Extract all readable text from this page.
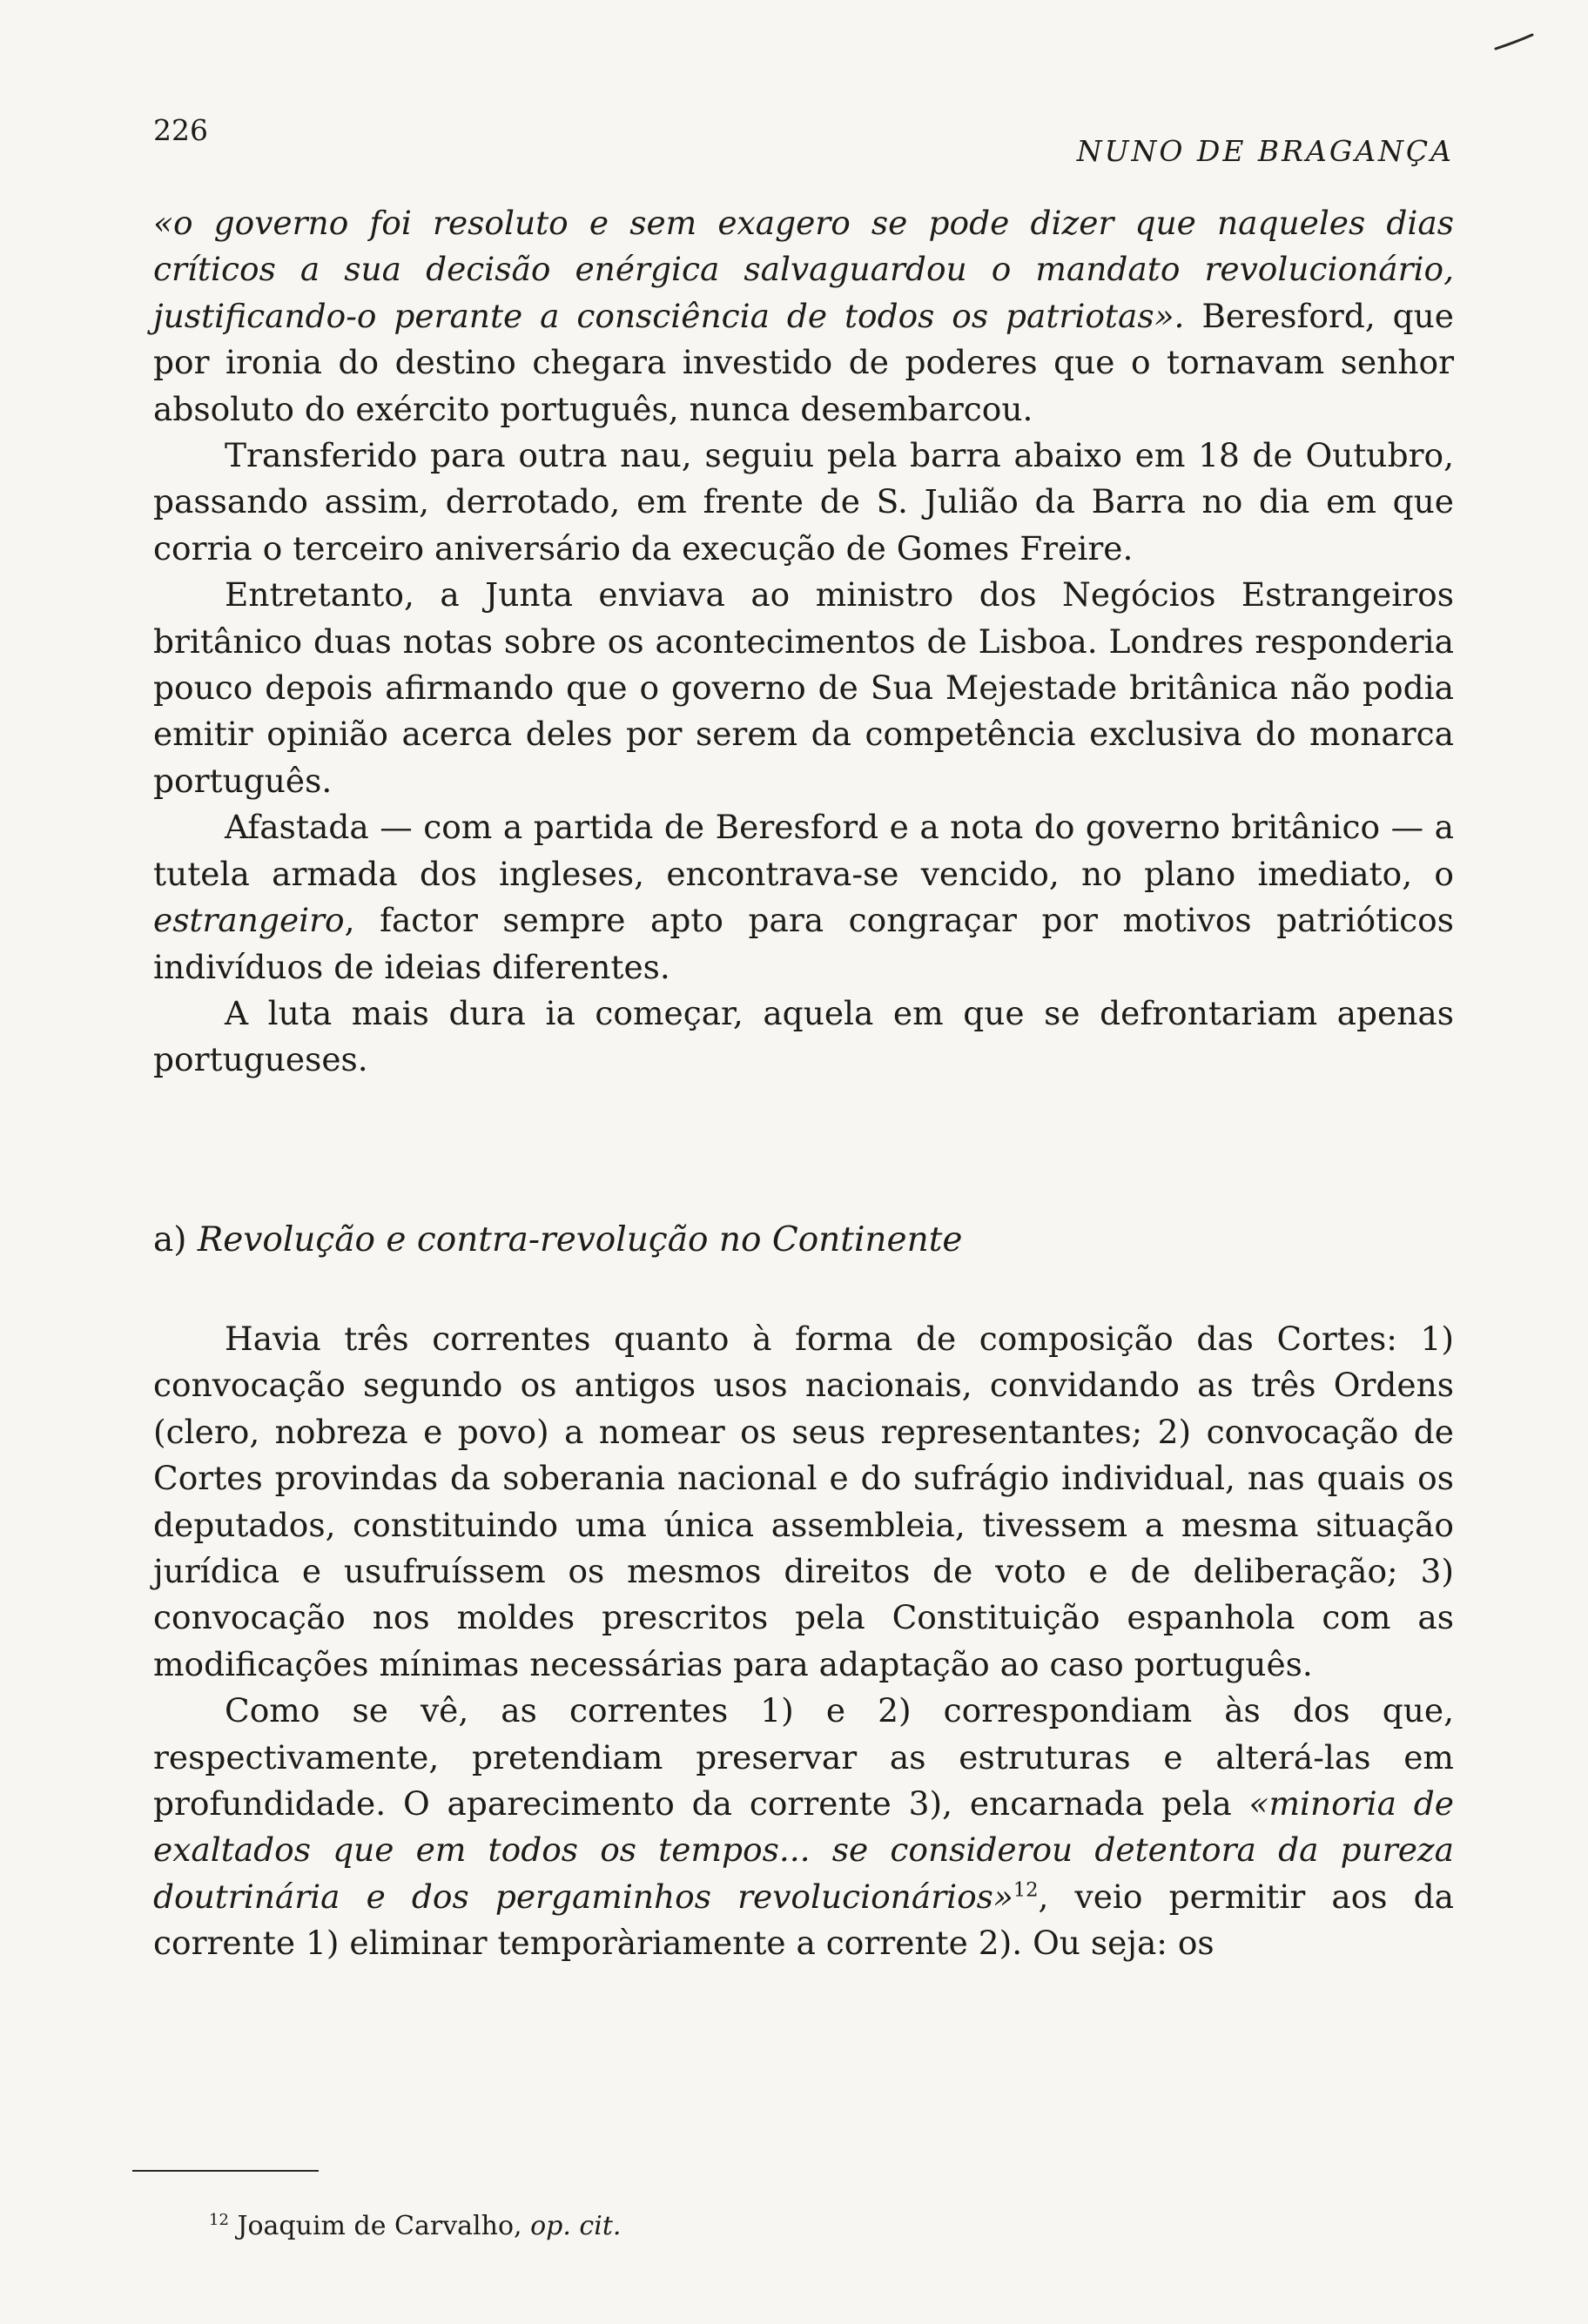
226
NUNO DE BRAGANÇA

«o governo foi resoluto e sem exagero se pode dizer que naqueles dias críticos a sua decisão enérgica salvaguardou o mandato revolucionário, justificando-o perante a consciência de todos os patriotas». Beresford, que por ironia do destino chegara investido de poderes que o tornavam senhor absoluto do exército português, nunca desembarcou.

Transferido para outra nau, seguiu pela barra abaixo em 18 de Outubro, passando assim, derrotado, em frente de S. Julião da Barra no dia em que corria o terceiro aniversário da execução de Gomes Freire.

Entretanto, a Junta enviava ao ministro dos Negócios Estrangeiros britânico duas notas sobre os acontecimentos de Lisboa. Londres responderia pouco depois afirmando que o governo de Sua Mejestade britânica não podia emitir opinião acerca deles por serem da competência exclusiva do monarca português.

Afastada — com a partida de Beresford e a nota do governo britânico — a tutela armada dos ingleses, encontrava-se vencido, no plano imediato, o estrangeiro, factor sempre apto para congraçar por motivos patrióticos indivíduos de ideias diferentes.

A luta mais dura ia começar, aquela em que se defrontariam apenas portugueses.

a) Revolução e contra-revolução no Continente

Havia três correntes quanto à forma de composição das Cortes: 1) convocação segundo os antigos usos nacionais, convidando as três Ordens (clero, nobreza e povo) a nomear os seus representantes; 2) convocação de Cortes provindas da soberania nacional e do sufrágio individual, nas quais os deputados, constituindo uma única assembleia, tivessem a mesma situação jurídica e usufruíssem os mesmos direitos de voto e de deliberação; 3) convocação nos moldes prescritos pela Constituição espanhola com as modificações mínimas necessárias para adaptação ao caso português.

Como se vê, as correntes 1) e 2) correspondiam às dos que, respectivamente, pretendiam preservar as estruturas e alterá-las em profundidade. O aparecimento da corrente 3), encarnada pela «minoria de exaltados que em todos os tempos... se considerou detentora da pureza doutrinária e dos pergaminhos revolucionários»$^{12}$, veio permitir aos da corrente 1) eliminar temporàriamente a corrente 2). Ou seja: os

$^{12}$ Joaquim de Carvalho, op. cit.
